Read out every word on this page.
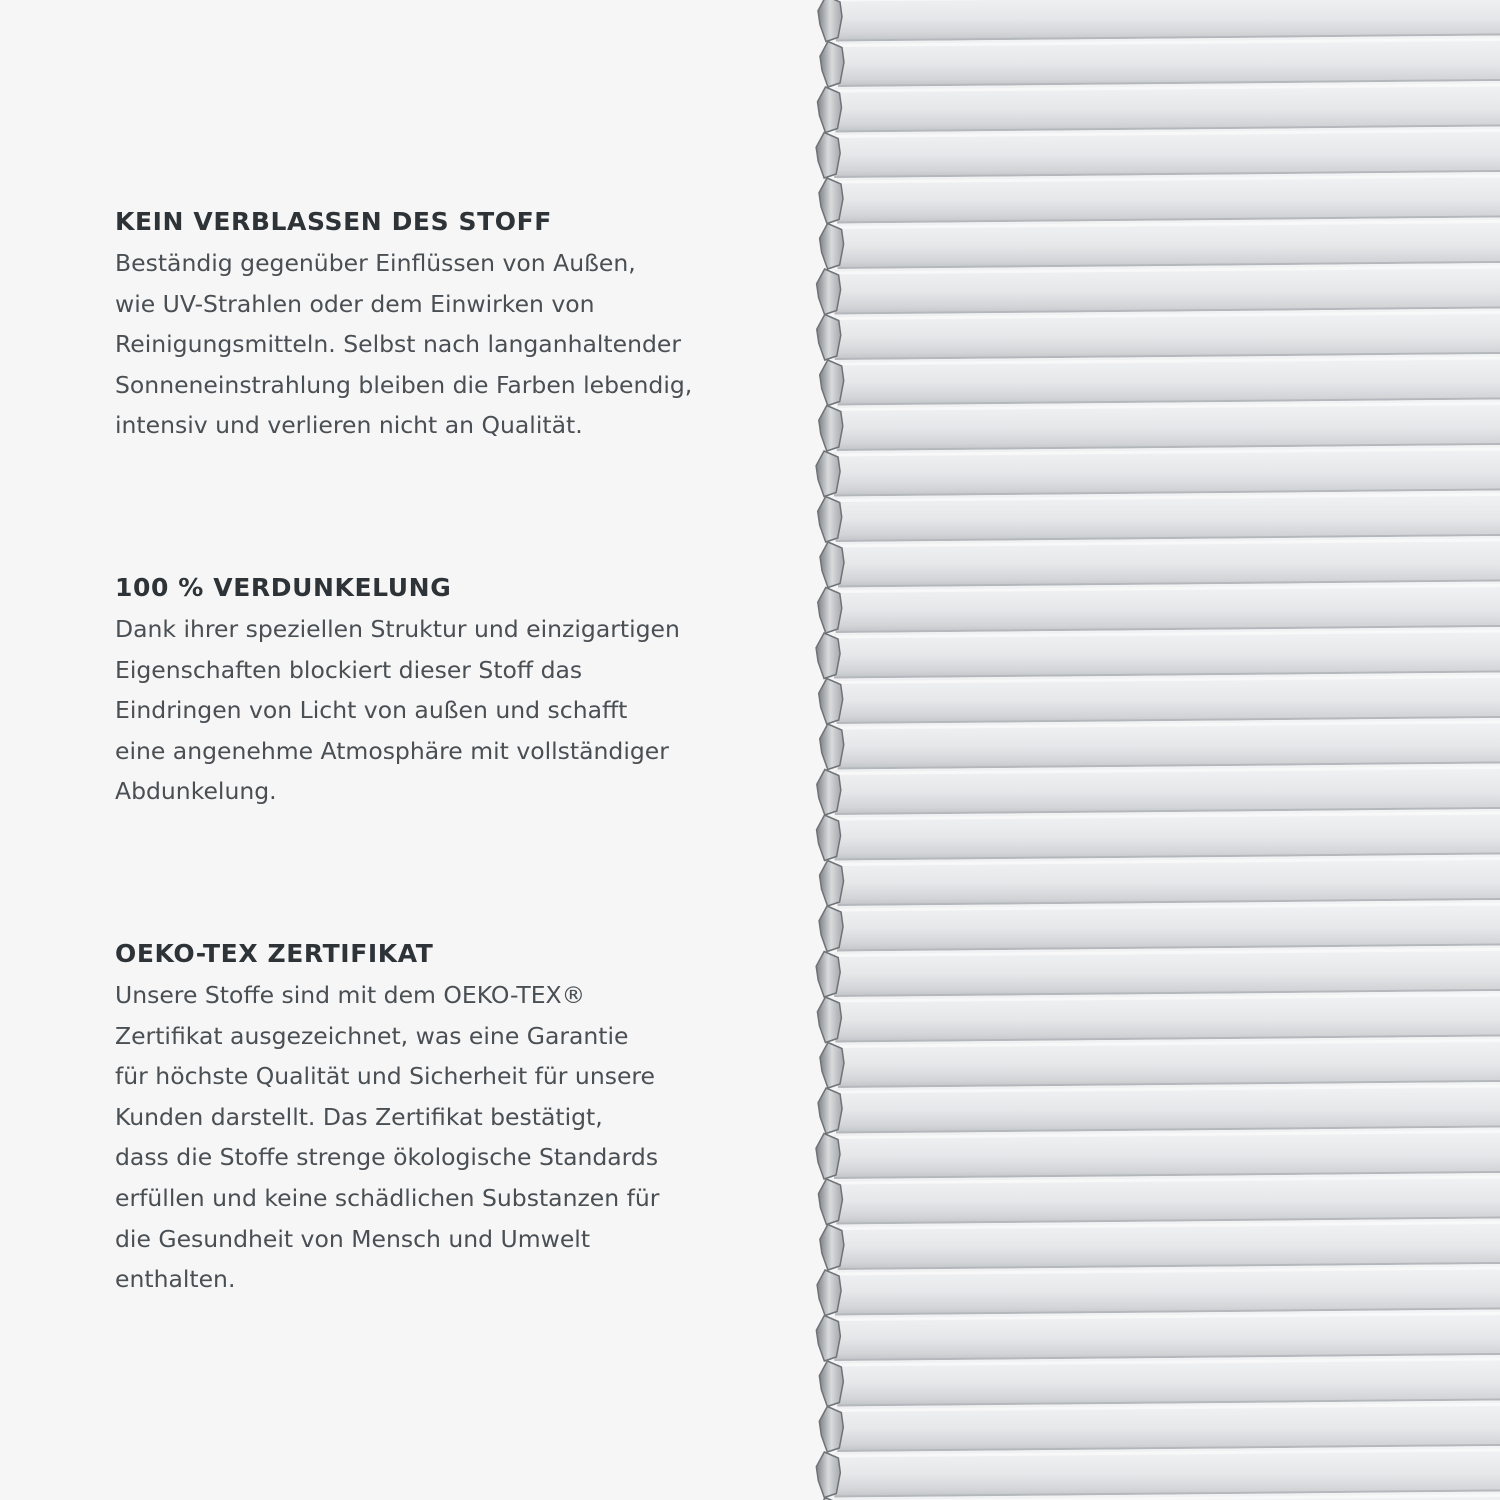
KEIN VERBLASSEN DES STOFF

Beständig gegenüber Einflüssen von Außen,
wie UV-Strahlen oder dem Einwirken von
Reinigungsmitteln. Selbst nach langanhaltender
Sonneneinstrahlung bleiben die Farben lebendig,
intensiv und verlieren nicht an Qualität.

100 % VERDUNKELUNG

Dank ihrer speziellen Struktur und einzigartigen
Eigenschaften blockiert dieser Stoff das
Eindringen von Licht von außen und schafft
eine angenehme Atmosphäre mit vollständiger
Abdunkelung.

OEKO-TEX ZERTIFIKAT

Unsere Stoffe sind mit dem OEKO-TEX®
Zertifikat ausgezeichnet, was eine Garantie
für höchste Qualität und Sicherheit für unsere
Kunden darstellt. Das Zertifikat bestätigt,
dass die Stoffe strenge ökologische Standards
erfüllen und keine schädlichen Substanzen für
die Gesundheit von Mensch und Umwelt
enthalten.
